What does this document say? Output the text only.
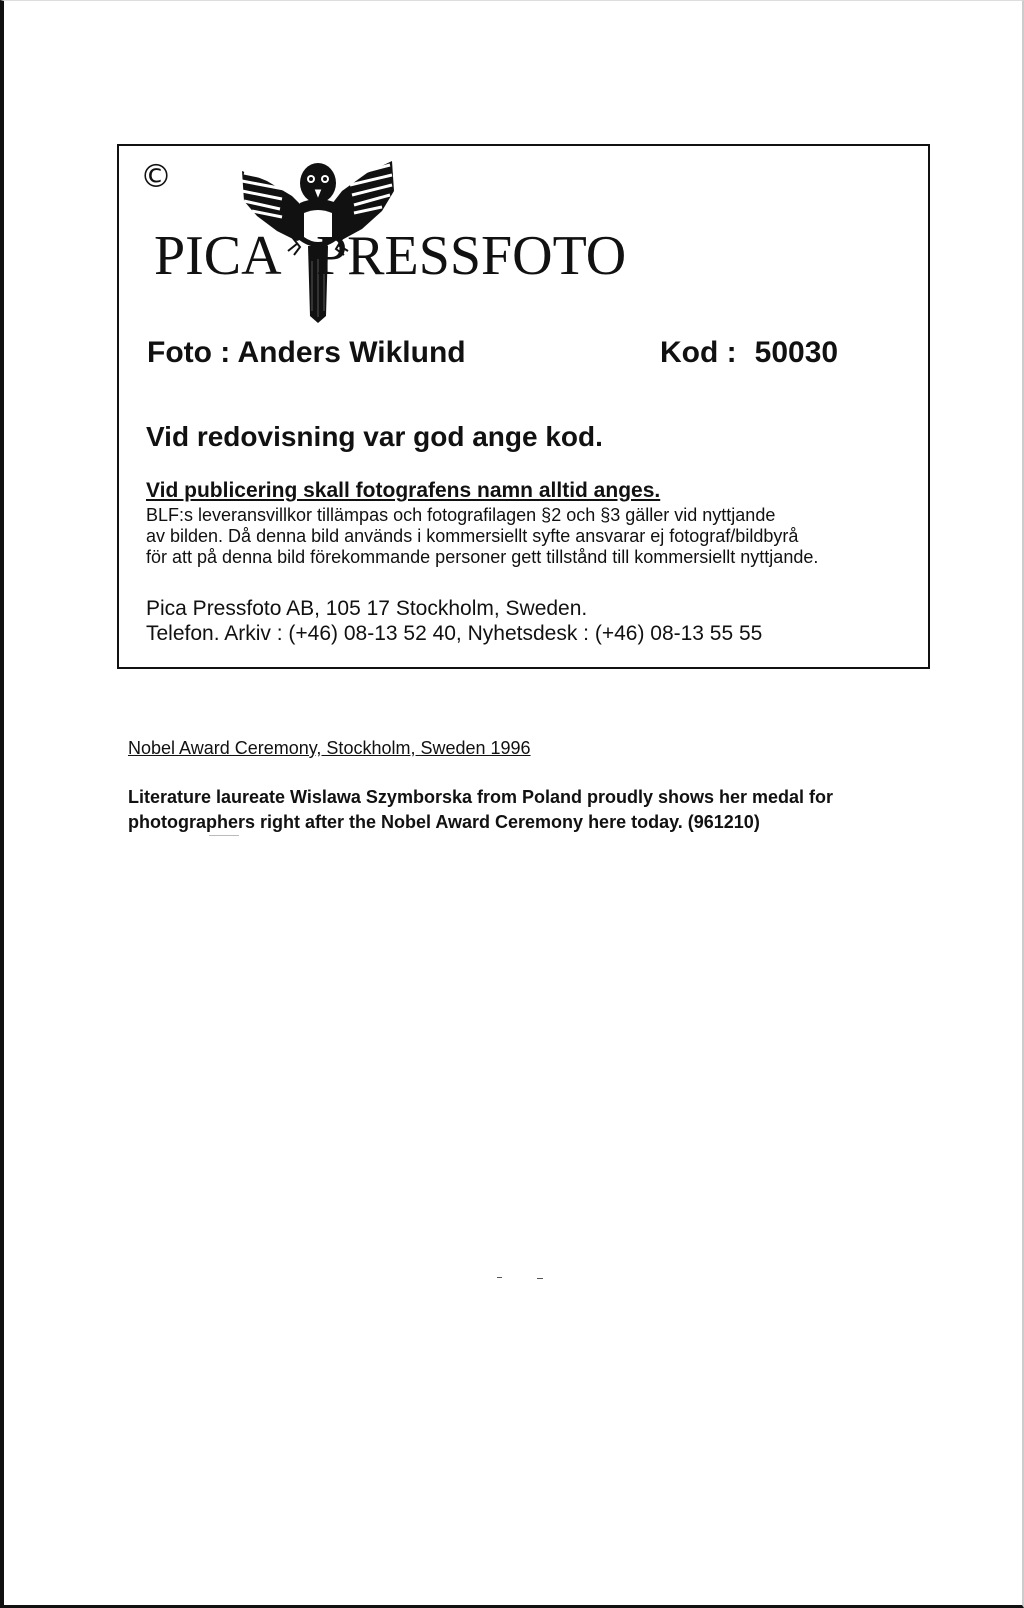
©
PICA PRESSFOTO
Foto : Anders Wiklund	Kod : 50030
Vid redovisning var god ange kod.
Vid publicering skall fotografens namn alltid anges.

BLF:s leveransvillkor tillämpas och fotografilagen §2 och §3 gäller vid nyttjande

av bilden. Då denna bild används i kommersiellt syfte ansvarar ej fotograf/bildbyrå

för att på denna bild förekommande personer gett tillstånd till kommersiellt nyttjande.

Pica Pressfoto AB, 105 17 Stockholm, Sweden.

Telefon. Arkiv : (+46) 08-13 52 40, Nyhetsdesk : (+46) 08-13 55 55

Nobel Award Ceremony, Stockholm, Sweden 1996

Literature laureate Wislawa Szymborska from Poland proudly shows her medal for

photographers right after the Nobel Award Ceremony here today. (961210)
